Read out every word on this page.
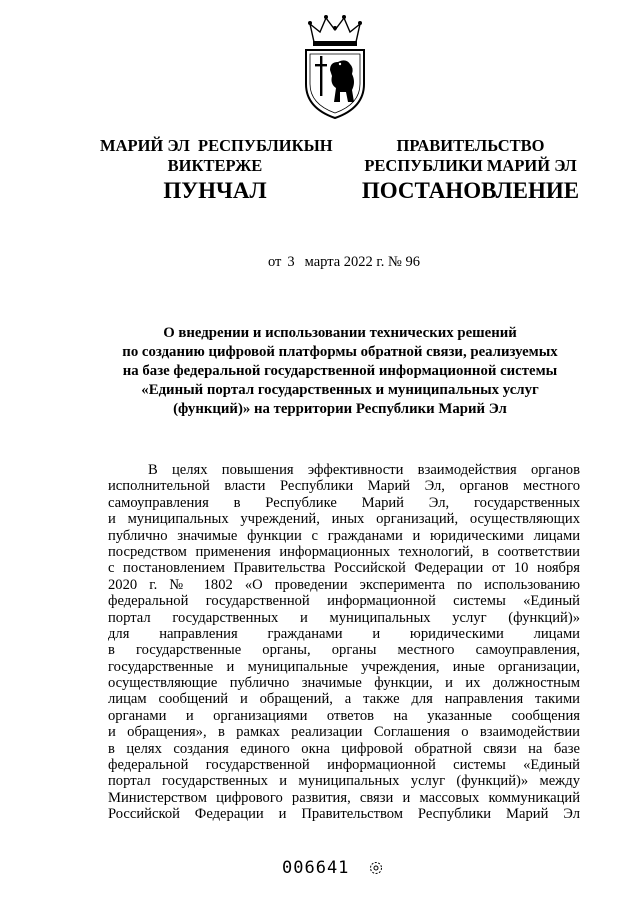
МАРИЙ ЭЛ  РЕСПУБЛИКЫН
ВИКТЕРЖЕ
ПРАВИТЕЛЬСТВО
РЕСПУБЛИКИ МАРИЙ ЭЛ
ПУНЧАЛ	ПОСТАНОВЛЕНИЕ
от 3 марта 2022 г. № 96
О внедрении и использовании технических решений
по созданию цифровой платформы обратной связи, реализуемых
на базе федеральной государственной информационной системы
«Единый портал государственных и муниципальных услуг
(функций)» на территории Республики Марий Эл
В целях повышения эффективности взаимодействия органов
исполнительной власти Республики Марий Эл, органов местного
самоуправления в Республике Марий Эл, государственных
и муниципальных учреждений, иных организаций, осуществляющих
публично значимые функции с гражданами и юридическими лицами
посредством применения информационных технологий, в соответствии
с постановлением Правительства Российской Федерации от 10 ноября
2020 г. № 1802 «О проведении эксперимента по использованию
федеральной государственной информационной системы «Единый
портал государственных и муниципальных услуг (функций)»
для направления гражданами и юридическими лицами
в государственные органы, органы местного самоуправления,
государственные и муниципальные учреждения, иные организации,
осуществляющие публично значимые функции, и их должностным
лицам сообщений и обращений, а также для направления такими
органами и организациями ответов на указанные сообщения
и обращения», в рамках реализации Соглашения о взаимодействии
в целях создания единого окна цифровой обратной связи на базе
федеральной государственной информационной системы «Единый
портал государственных и муниципальных услуг (функций)» между
Министерством цифрового развития, связи и массовых коммуникаций
Российской Федерации и Правительством Республики Марий Эл
006641
